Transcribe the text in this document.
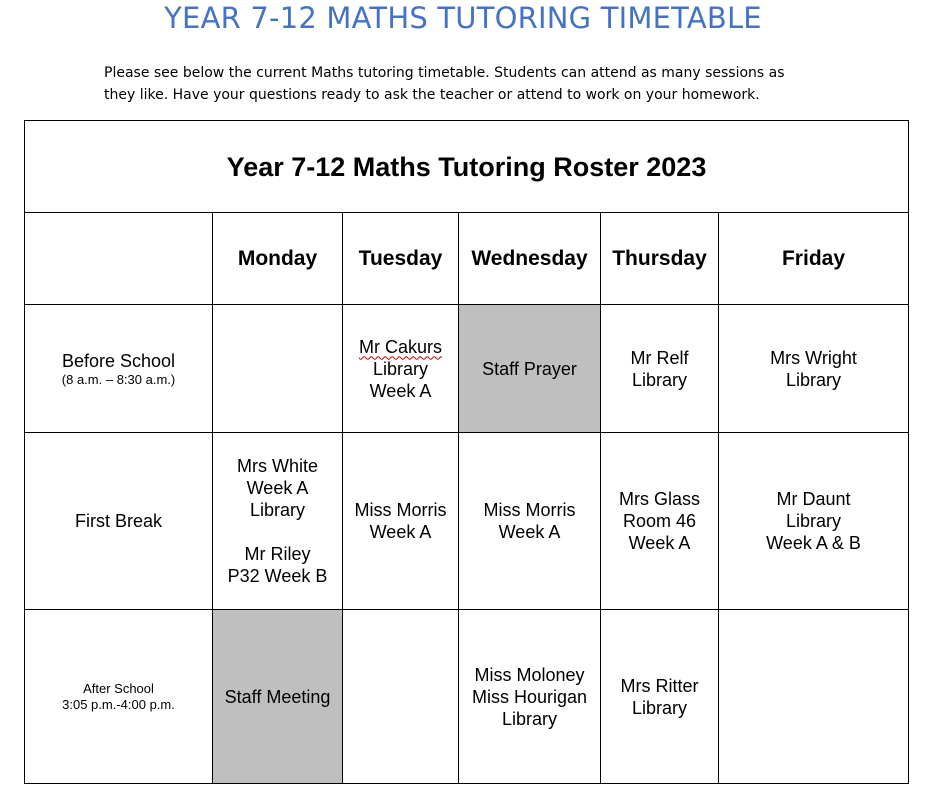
YEAR 7-12 MATHS TUTORING TIMETABLE
Please see below the current Maths tutoring timetable. Students can attend as many sessions as
they like. Have your questions ready to ask the teacher or attend to work on your homework.
Year 7-12 Maths Tutoring Roster 2023					
	Monday	Tuesday	Wednesday	Thursday	Friday

Before School
(8 a.m. – 8:30 a.m.)		Mr Cakurs
Library
Week A	Staff Prayer	Mr Relf
Library	Mrs Wright
Library

First Break	Mrs White
Week A
Library
Mr Riley
P32 Week B	Miss Morris
Week A	Miss Morris
Week A	Mrs Glass
Room 46
Week A	Mr Daunt
Library
Week A & B

After School
3:05 p.m.-4:00 p.m.	Staff Meeting		Miss Moloney
Miss Hourigan
Library	Mrs Ritter
Library	
